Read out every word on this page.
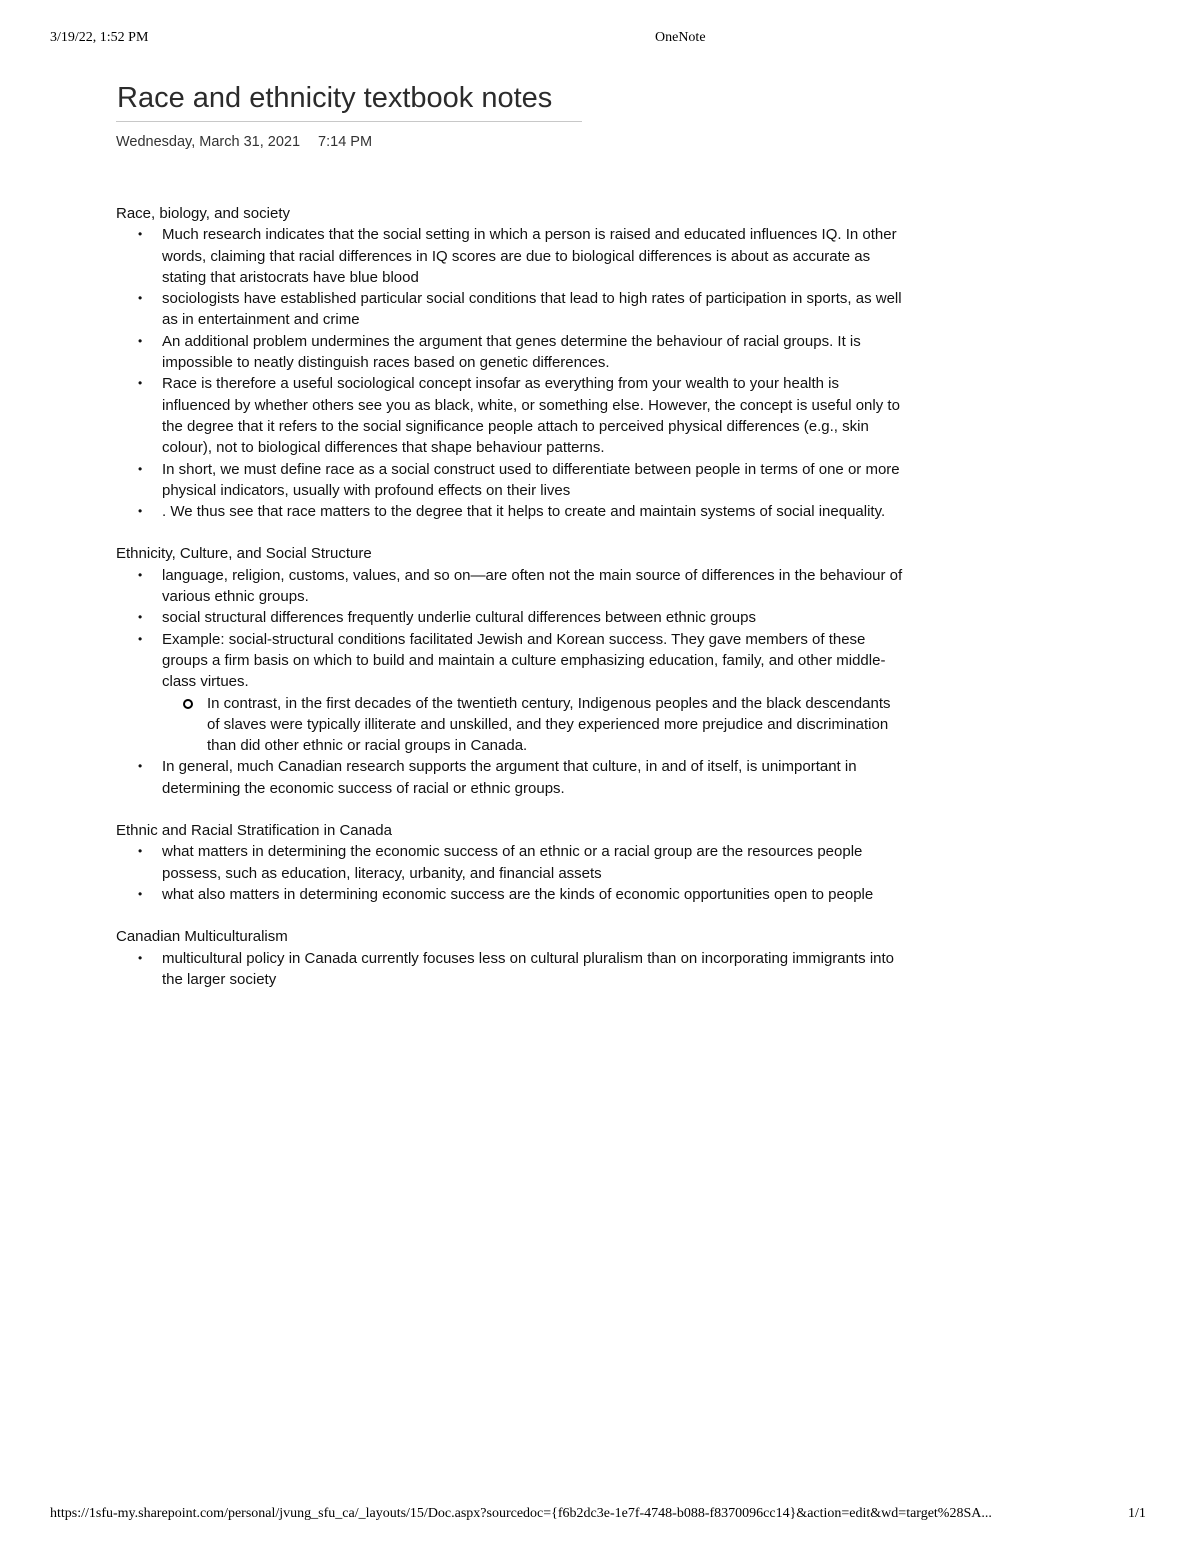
3/19/22, 1:52 PM	OneNote
Race and ethnicity textbook notes
Wednesday, March 31, 2021 7:14 PM

Race, biology, and society

• Much research indicates that the social setting in which a person is raised and educated influences IQ. In other words, claiming that racial differences in IQ scores are due to biological differences is about as accurate as stating that aristocrats have blue blood
• sociologists have established particular social conditions that lead to high rates of participation in sports, as well as in entertainment and crime
• An additional problem undermines the argument that genes determine the behaviour of racial groups. It is impossible to neatly distinguish races based on genetic differences.
• Race is therefore a useful sociological concept insofar as everything from your wealth to your health is influenced by whether others see you as black, white, or something else. However, the concept is useful only to the degree that it refers to the social significance people attach to perceived physical differences (e.g., skin colour), not to biological differences that shape behaviour patterns.
• In short, we must define race as a social construct used to differentiate between people in terms of one or more physical indicators, usually with profound effects on their lives
• . We thus see that race matters to the degree that it helps to create and maintain systems of social inequality.

Ethnicity, Culture, and Social Structure

• language, religion, customs, values, and so on—are often not the main source of differences in the behaviour of various ethnic groups.
• social structural differences frequently underlie cultural differences between ethnic groups
• Example: social-structural conditions facilitated Jewish and Korean success. They gave members of these groups a firm basis on which to build and maintain a culture emphasizing education, family, and other middle-class virtues.
In contrast, in the first decades of the twentieth century, Indigenous peoples and the black descendants of slaves were typically illiterate and unskilled, and they experienced more prejudice and discrimination than did other ethnic or racial groups in Canada.
• In general, much Canadian research supports the argument that culture, in and of itself, is unimportant in determining the economic success of racial or ethnic groups.

Ethnic and Racial Stratification in Canada

• what matters in determining the economic success of an ethnic or a racial group are the resources people possess, such as education, literacy, urbanity, and financial assets
• what also matters in determining economic success are the kinds of economic opportunities open to people

Canadian Multiculturalism

• multicultural policy in Canada currently focuses less on cultural pluralism than on incorporating immigrants into the larger society
https://1sfu-my.sharepoint.com/personal/jvung_sfu_ca/_layouts/15/Doc.aspx?sourcedoc={f6b2dc3e-1e7f-4748-b088-f8370096cc14}&action=edit&wd=target%28SA...	1/1
